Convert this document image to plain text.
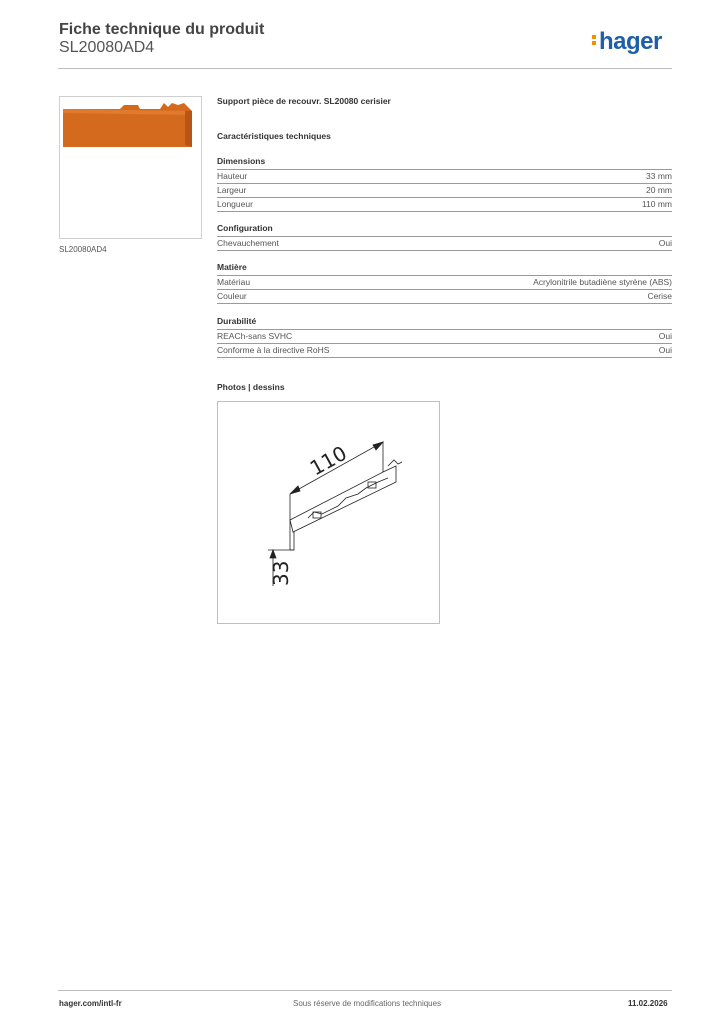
Fiche technique du produit
SL20080AD4	hager
SL20080AD4
Support pièce de recouvr. SL20080 cerisier
Caractéristiques techniques
Dimensions
Hauteur	33 mm
Largeur	20 mm
Longueur	110 mm
Configuration
Chevauchement	Oui
Matière
Matériau	Acrylonitrile butadiène styrène (ABS)
Couleur	Cerise
Durabilité
REACh-sans SVHC	Oui
Conforme à la directive RoHS	Oui
Photos | dessins
110
33
hager.com/intl-fr	Sous réserve de modifications techniques	11.02.2026
